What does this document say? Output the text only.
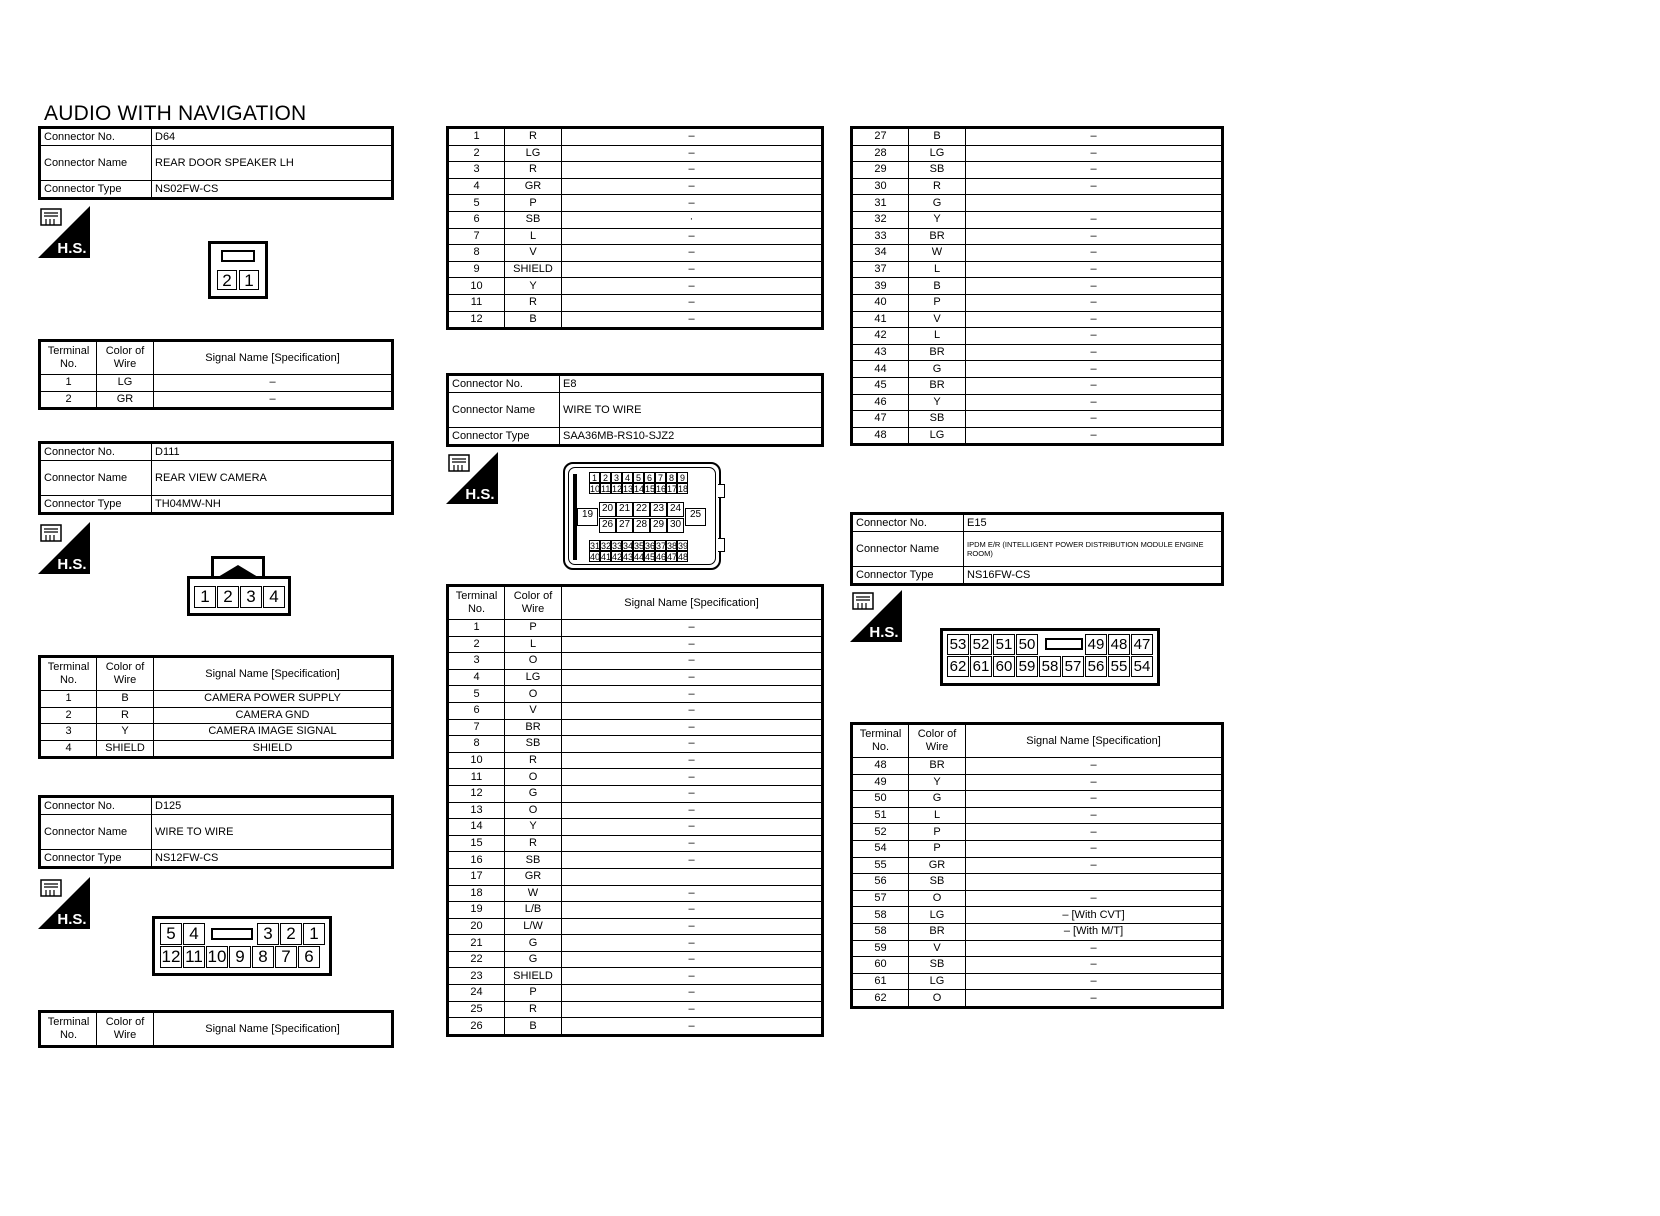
AUDIO WITH NAVIGATION
Connector No.	D64
Connector Name	REAR DOOR SPEAKER LH
Connector Type	NS02FW-CS
H.S.
2 1
Terminal No.	Color of Wire	Signal Name [Specification]
1	LG	–
2	GR	–
Connector No.	D111
Connector Name	REAR VIEW CAMERA
Connector Type	TH04MW-NH
H.S.
1 2 3 4
Terminal No.	Color of Wire	Signal Name [Specification]
1	B	CAMERA POWER SUPPLY
2	R	CAMERA GND
3	Y	CAMERA IMAGE SIGNAL
4	SHIELD	SHIELD
Connector No.	D125
Connector Name	WIRE TO WIRE
Connector Type	NS12FW-CS
H.S.
5 4	3 2 1
12 11 10 9 8 7 6
Terminal No.	Color of Wire	Signal Name [Specification]
1	R	–
2	LG	–
3	R	–
4	GR	–
5	P	–
6	SB	·
7	L	–
8	V	–
9	SHIELD	–
10	Y	–
11	R	–
12	B	–
Connector No.	E8
Connector Name	WIRE TO WIRE
Connector Type	SAA36MB-RS10-SJZ2
H.S.
1 2 3 4 5 6 7 8 9
10 11 12 13 14 15 16 17 18
20 21 22 23 24
26 27 28 29 30
19	25
31 32 33 34 35 36 37 38 39
40 41 42 43 44 45 46 47 48
Terminal No.	Color of Wire	Signal Name [Specification]
1	P	–
2	L	–
3	O	–
4	LG	–
5	O	–
6	V	–
7	BR	–
8	SB	–
10	R	–
11	O	–
12	G	–
13	O	–
14	Y	–
15	R	–
16	SB	–
17	GR	
18	W	–
19	L/B	–
20	L/W	–
21	G	–
22	G	–
23	SHIELD	–
24	P	–
25	R	–
26	B	–
27	B	–
28	LG	–
29	SB	–
30	R	–
31	G	
32	Y	–
33	BR	–
34	W	–
37	L	–
39	B	–
40	P	–
41	V	–
42	L	–
43	BR	–
44	G	–
45	BR	–
46	Y	–
47	SB	–
48	LG	–
Connector No.	E15
Connector Name	IPDM E/R (INTELLIGENT POWER DISTRIBUTION MODULE ENGINE ROOM)
Connector Type	NS16FW-CS
H.S.
53 52 51 50	49 48 47
62 61 60 59 58 57 56 55 54
Terminal No.	Color of Wire	Signal Name [Specification]
48	BR	–
49	Y	–
50	G	–
51	L	–
52	P	–
54	P	–
55	GR	–
56	SB	
57	O	–
58	LG	– [With CVT]
58	BR	– [With M/T]
59	V	–
60	SB	–
61	LG	–
62	O	–
